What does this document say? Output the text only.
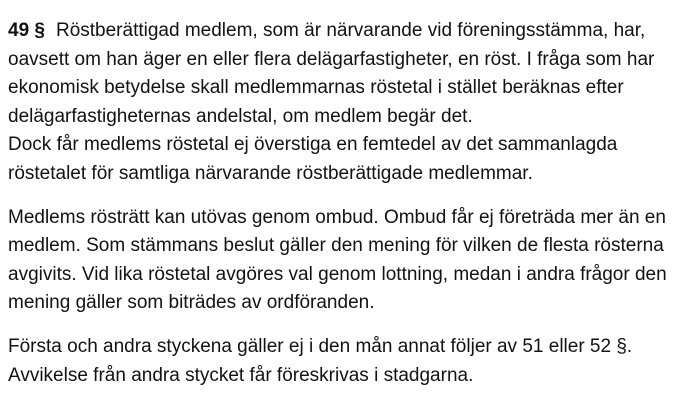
49 § Röstberättigad medlem, som är närvarande vid föreningsstämma, har,
oavsett om han äger en eller flera delägarfastigheter, en röst. I fråga som har
ekonomisk betydelse skall medlemmarnas röstetal i stället beräknas efter
delägarfastigheternas andelstal, om medlem begär det.
Dock får medlems röstetal ej överstiga en femtedel av det sammanlagda
röstetalet för samtliga närvarande röstberättigade medlemmar.
Medlems rösträtt kan utövas genom ombud. Ombud får ej företräda mer än en
medlem. Som stämmans beslut gäller den mening för vilken de flesta rösterna
avgivits. Vid lika röstetal avgöres val genom lottning, medan i andra frågor den
mening gäller som biträdes av ordföranden.
Första och andra styckena gäller ej i den mån annat följer av 51 eller 52 §.
Avvikelse från andra stycket får föreskrivas i stadgarna.
